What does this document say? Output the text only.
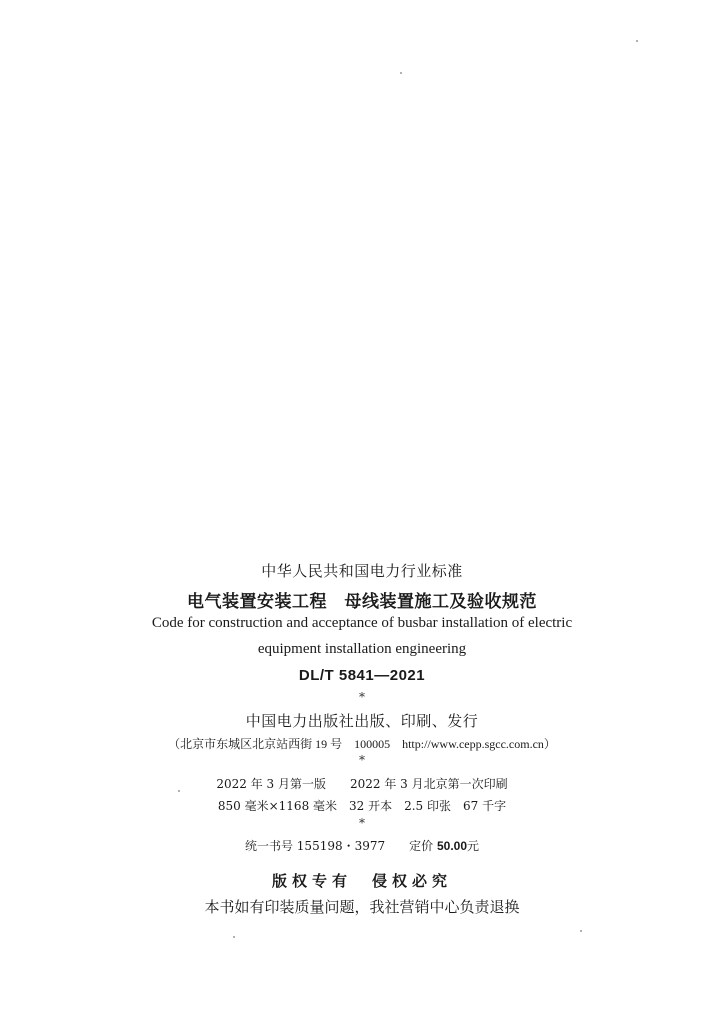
中华人民共和国电力行业标准
电气装置安装工程　母线装置施工及验收规范
Code for construction and acceptance of busbar installation of electric
equipment installation engineering
DL/T 5841—2021
*
中国电力出版社出版、印刷、发行
（北京市东城区北京站西街 19 号　100005　http://www.cepp.sgcc.com.cn）
*
2022 年 3 月第一版　　2022 年 3 月北京第一次印刷
850 毫米×1168 毫米　32 开本　2.5 印张　67 千字
*
统一书号 155198・3977　　定价 50.00元
版权专有　侵权必究
本书如有印装质量问题，我社营销中心负责退换
